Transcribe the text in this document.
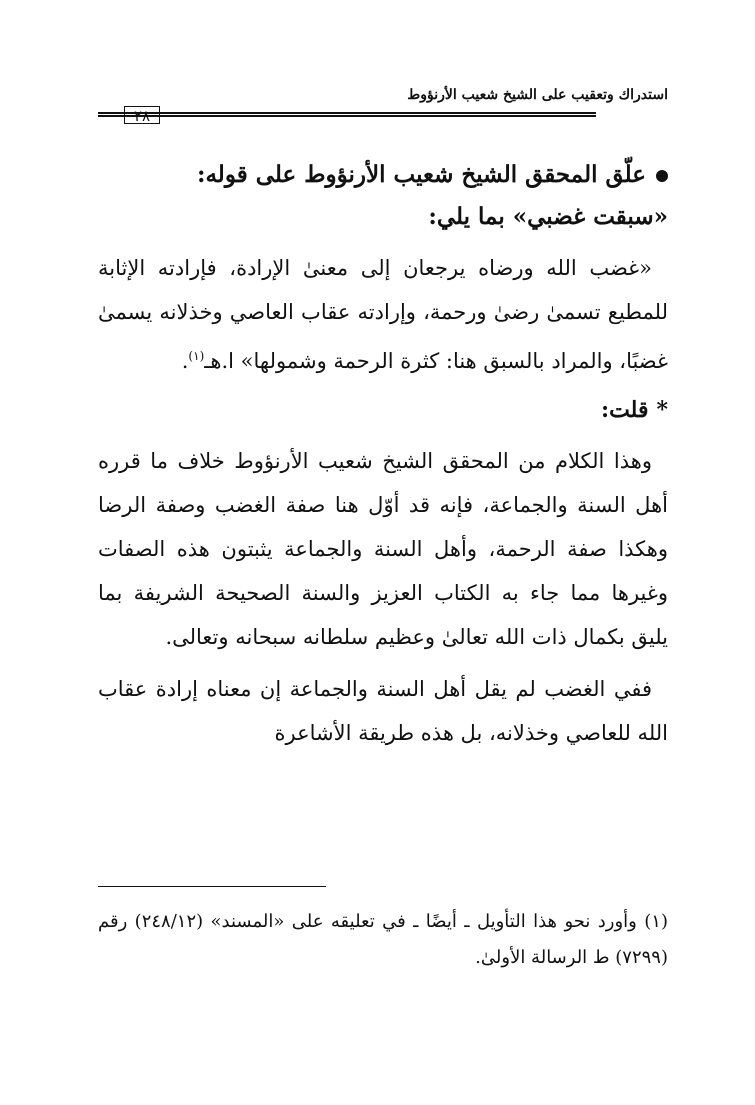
استدراك وتعقيب على الشيخ شعيب الأرنؤوط
٢٨
علّق المحقق الشيخ شعيب الأرنؤوط على قوله:
«سبقت غضبي» بما يلي:

«غضب الله ورضاه يرجعان إلى معنىٰ الإرادة، فإرادته الإثابة للمطيع تسمىٰ رضىٰ ورحمة، وإرادته عقاب العاصي وخذلانه يسمىٰ غضبًا، والمراد بالسبق هنا: كثرة الرحمة وشمولها» ا.هـ$^{(١)}$.

*قلت:

وهذا الكلام من المحقق الشيخ شعيب الأرنؤوط خلاف ما قرره أهل السنة والجماعة، فإنه قد أوّل هنا صفة الغضب وصفة الرضا وهكذا صفة الرحمة، وأهل السنة والجماعة يثبتون هذه الصفات وغيرها مما جاء به الكتاب العزيز والسنة الصحيحة الشريفة بما يليق بكمال ذات الله تعالىٰ وعظيم سلطانه سبحانه وتعالى.

ففي الغضب لم يقل أهل السنة والجماعة إن معناه إرادة عقاب الله للعاصي وخذلانه، بل هذه طريقة الأشاعرة

(١) وأورد نحو هذا التأويل ـ أيضًا ـ في تعليقه على «المسند» (٢٤٨/١٢) رقم (٧٢٩٩) ط الرسالة الأولىٰ.
